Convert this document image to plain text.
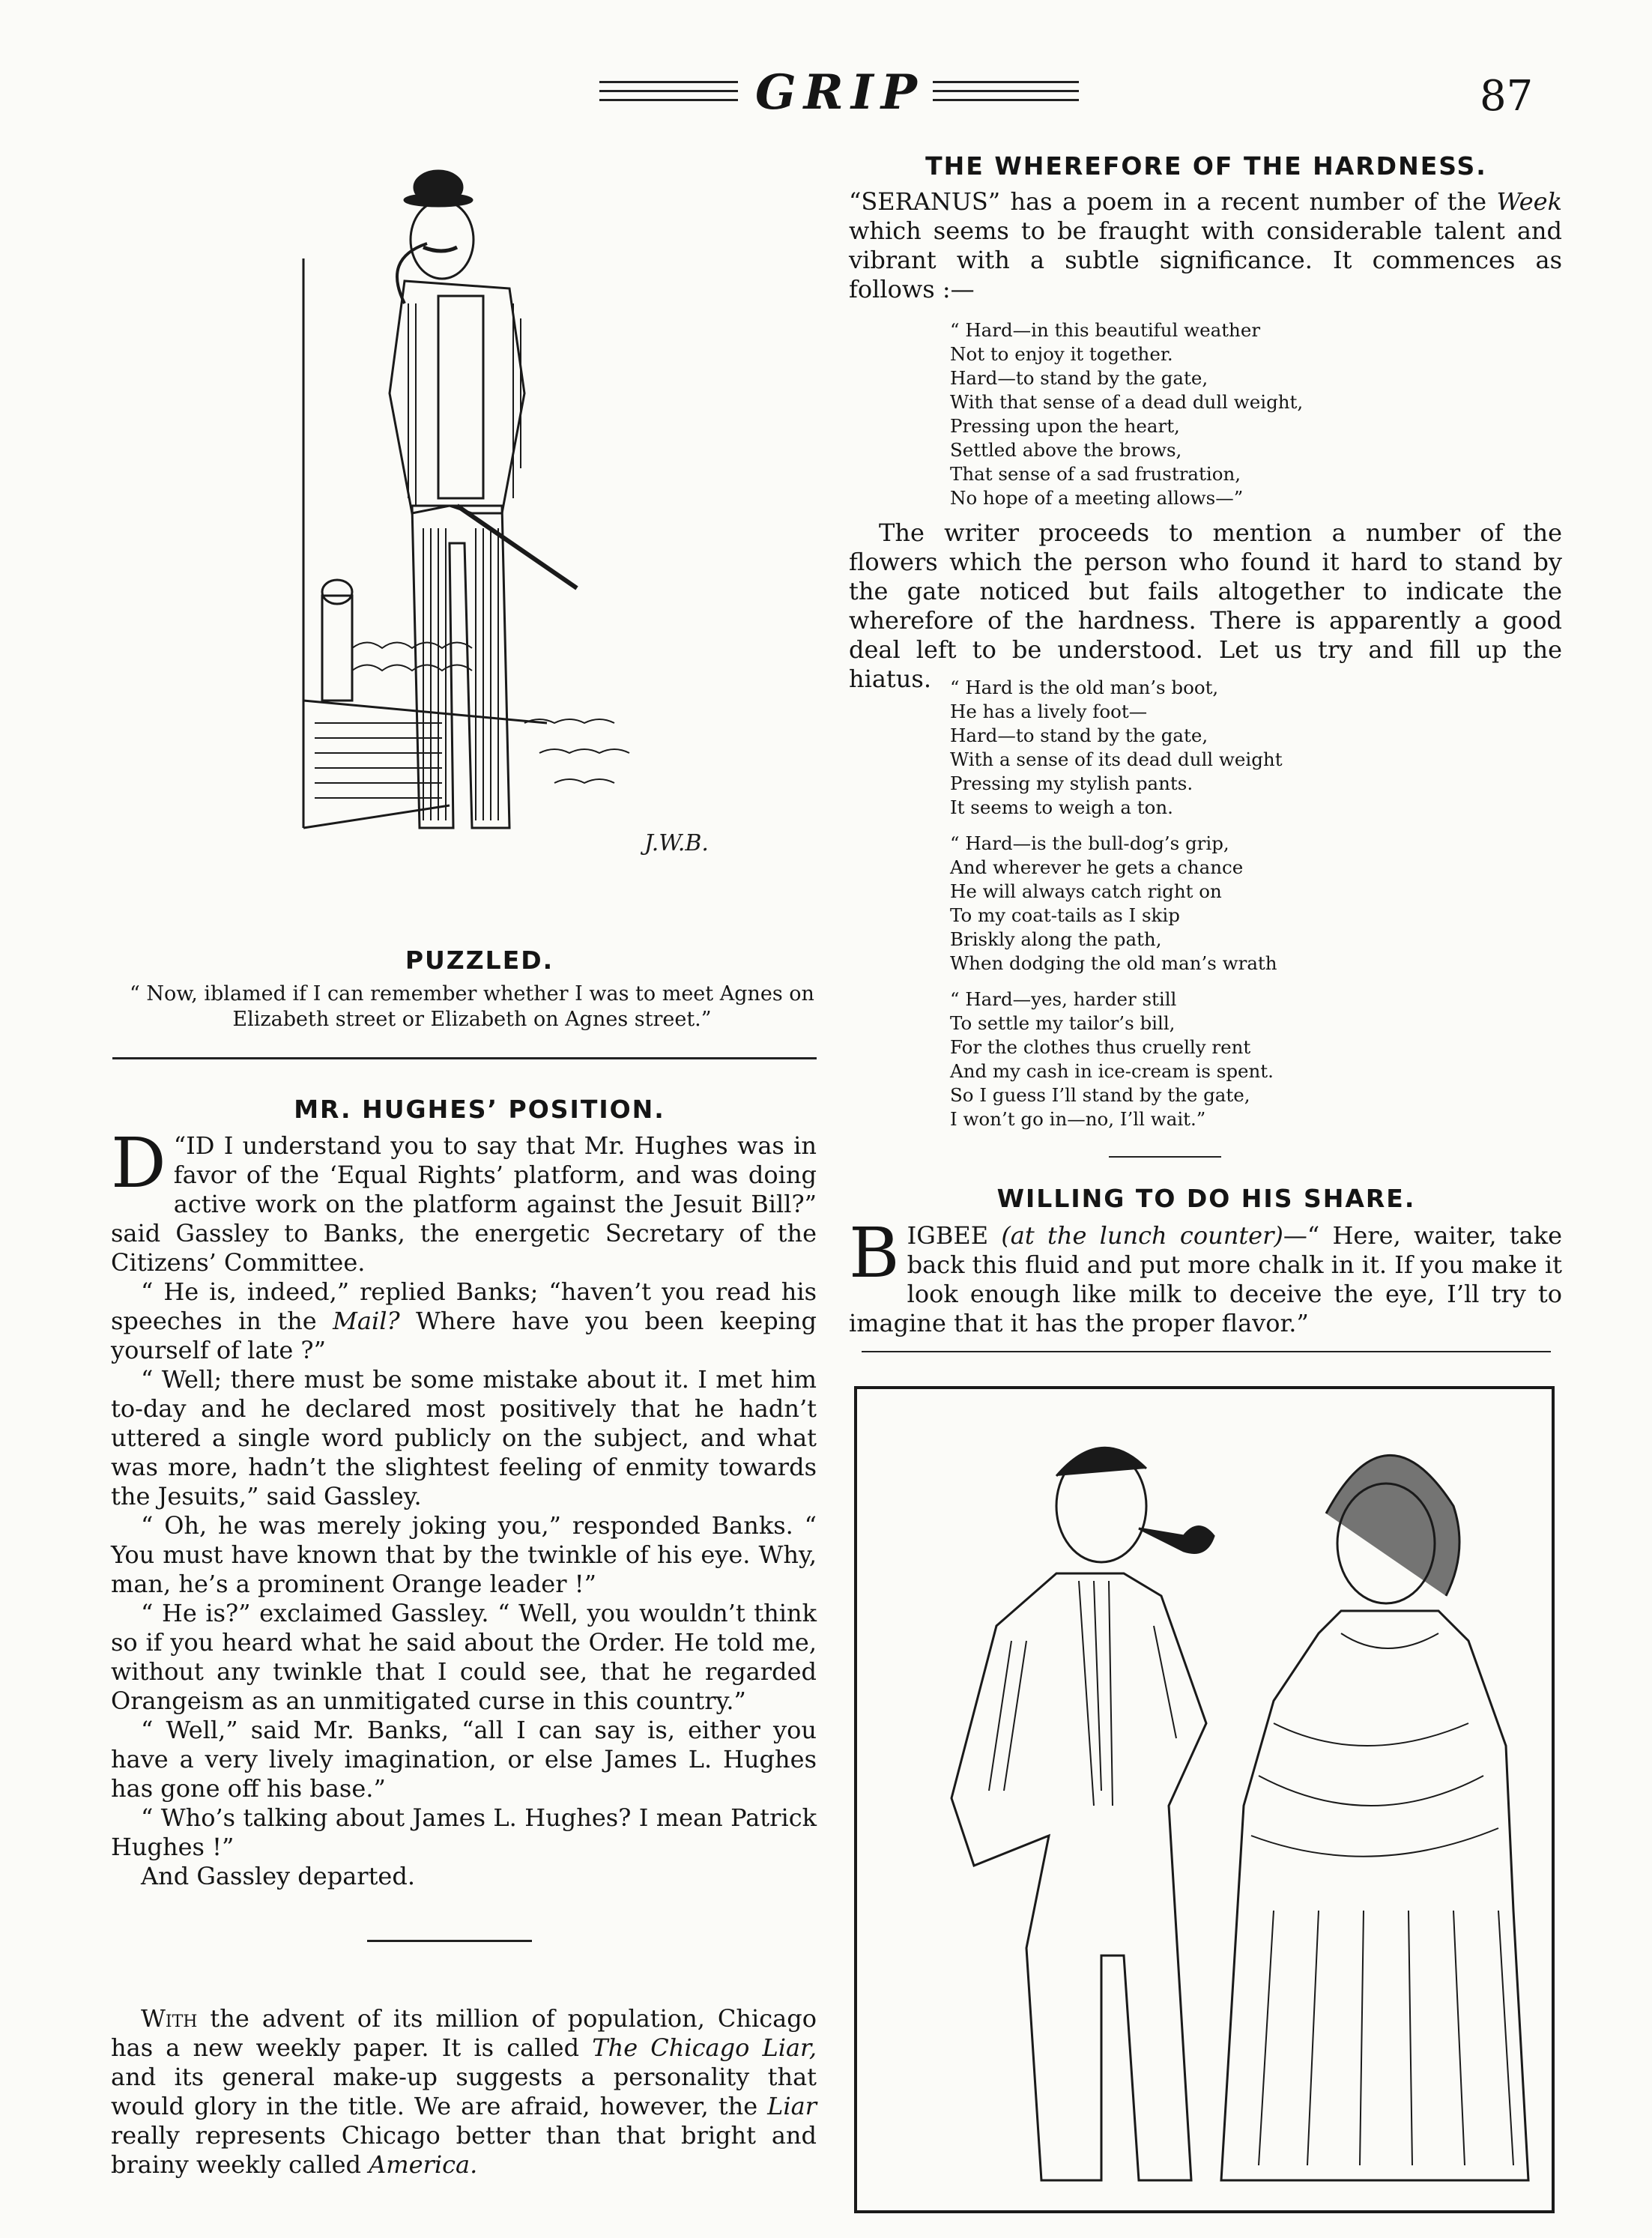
GRIP	87
J.W.B.
PUZZLED.
“ Now, iblamed if I can remember whether I was to meet Agnes on Elizabeth street or Elizabeth on Agnes street.”
MR. HUGHES’ POSITION.

“
D ID I understand you to say that Mr. Hughes was in favor of the ‘Equal Rights’ platform, and was doing active work on the platform against the Jesuit Bill?” said Gassley to Banks, the energetic Secretary of the Citizens’ Committee.

“ He is, indeed,” replied Banks; “haven’t you read his speeches in the Mail? Where have you been keeping yourself of late ?”

“ Well; there must be some mistake about it. I met him to-day and he declared most positively that he hadn’t uttered a single word publicly on the subject, and what was more, hadn’t the slightest feeling of enmity towards the Jesuits,” said Gassley.

“ Oh, he was merely joking you,” responded Banks. “ You must have known that by the twinkle of his eye. Why, man, he’s a prominent Orange leader !”

“ He is?” exclaimed Gassley. “ Well, you wouldn’t think so if you heard what he said about the Order. He told me, without any twinkle that I could see, that he regarded Orangeism as an unmitigated curse in this country.”

“ Well,” said Mr. Banks, “all I can say is, either you have a very lively imagination, or else James L. Hughes has gone off his base.”

“ Who’s talking about James L. Hughes? I mean Patrick Hughes !”

And Gassley departed.

With the advent of its million of population, Chicago has a new weekly paper. It is called The Chicago Liar, and its general make-up suggests a personality that would glory in the title. We are afraid, however, the Liar really represents Chicago better than that bright and brainy weekly called America.

THE WHEREFORE OF THE HARDNESS.

“SERANUS” has a poem in a recent number of the Week which seems to be fraught with considerable talent and vibrant with a subtle significance. It commences as follows :—

“ Hard—in this beautiful weather
Not to enjoy it together.
Hard—to stand by the gate,
With that sense of a dead dull weight,
Pressing upon the heart,
Settled above the brows,
That sense of a sad frustration,
No hope of a meeting allows—”

The writer proceeds to mention a number of the flowers which the person who found it hard to stand by the gate noticed but fails altogether to indicate the wherefore of the hardness. There is apparently a good deal left to be understood. Let us try and fill up the hiatus.	“ Hard is the old man’s boot,
He has a lively foot—
Hard—to stand by the gate,
With a sense of its dead dull weight
Pressing my stylish pants.
It seems to weigh a ton.
“ Hard—is the bull-dog’s grip,
And wherever he gets a chance
He will always catch right on
To my coat-tails as I skip
Briskly along the path,
When dodging the old man’s wrath
“ Hard—yes, harder still
To settle my tailor’s bill,
For the clothes thus cruelly rent
And my cash in ice-cream is spent.
So I guess I’ll stand by the gate,
I won’t go in—no, I’ll wait.”
WILLING TO DO HIS SHARE.

BIGBEE (at the lunch counter)—“ Here, waiter, take back this fluid and put more chalk in it. If you make it look enough like milk to deceive the eye, I’ll try to imagine that it has the proper flavor.”
